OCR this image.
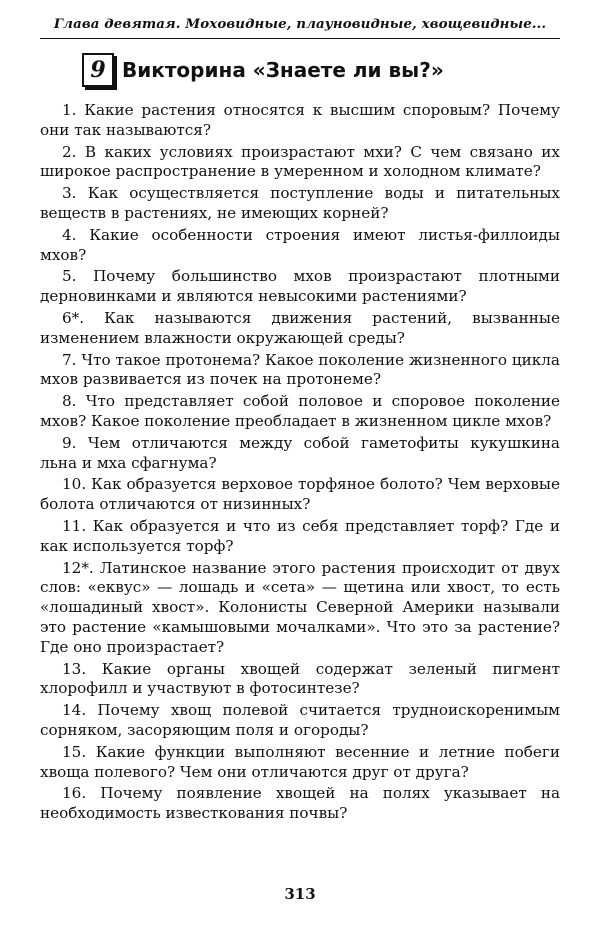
Глава девятая. Моховидные, плауновидные, хвощевидные...
9 Викторина «Знаете ли вы?»
1. Какие растения относятся к высшим споровым? Почему они так называются?
2. В каких условиях произрастают мхи? С чем связано их широкое распространение в умеренном и холодном климате?
3. Как осуществляется поступление воды и питательных веществ в растениях, не имеющих корней?
4. Какие особенности строения имеют листья-филлоиды мхов?
5. Почему большинство мхов произрастают плотными дерновинками и являются невысокими растениями?
6*. Как называются движения растений, вызванные изменением влажности окружающей среды?
7. Что такое протонема? Какое поколение жизненного цикла мхов развивается из почек на протонеме?
8. Что представляет собой половое и споровое поколение мхов? Какое поколение преобладает в жизненном цикле мхов?
9. Чем отличаются между собой гаметофиты кукушкина льна и мха сфагнума?
10. Как образуется верховое торфяное болото? Чем верховые болота отличаются от низинных?
11. Как образуется и что из себя представляет торф? Где и как используется торф?
12*. Латинское название этого растения происходит от двух слов: «еквус» — лошадь и «сета» — щетина или хвост, то есть «лошадиный хвост». Колонисты Северной Америки называли это растение «камышовыми мочалками». Что это за растение? Где оно произрастает?
13. Какие органы хвощей содержат зеленый пигмент хлорофилл и участвуют в фотосинтезе?
14. Почему хвощ полевой считается трудноискоренимым сорняком, засоряющим поля и огороды?
15. Какие функции выполняют весенние и летние побеги хвоща полевого? Чем они отличаются друг от друга?
16. Почему появление хвощей на полях указывает на необходимость известкования почвы?
313
